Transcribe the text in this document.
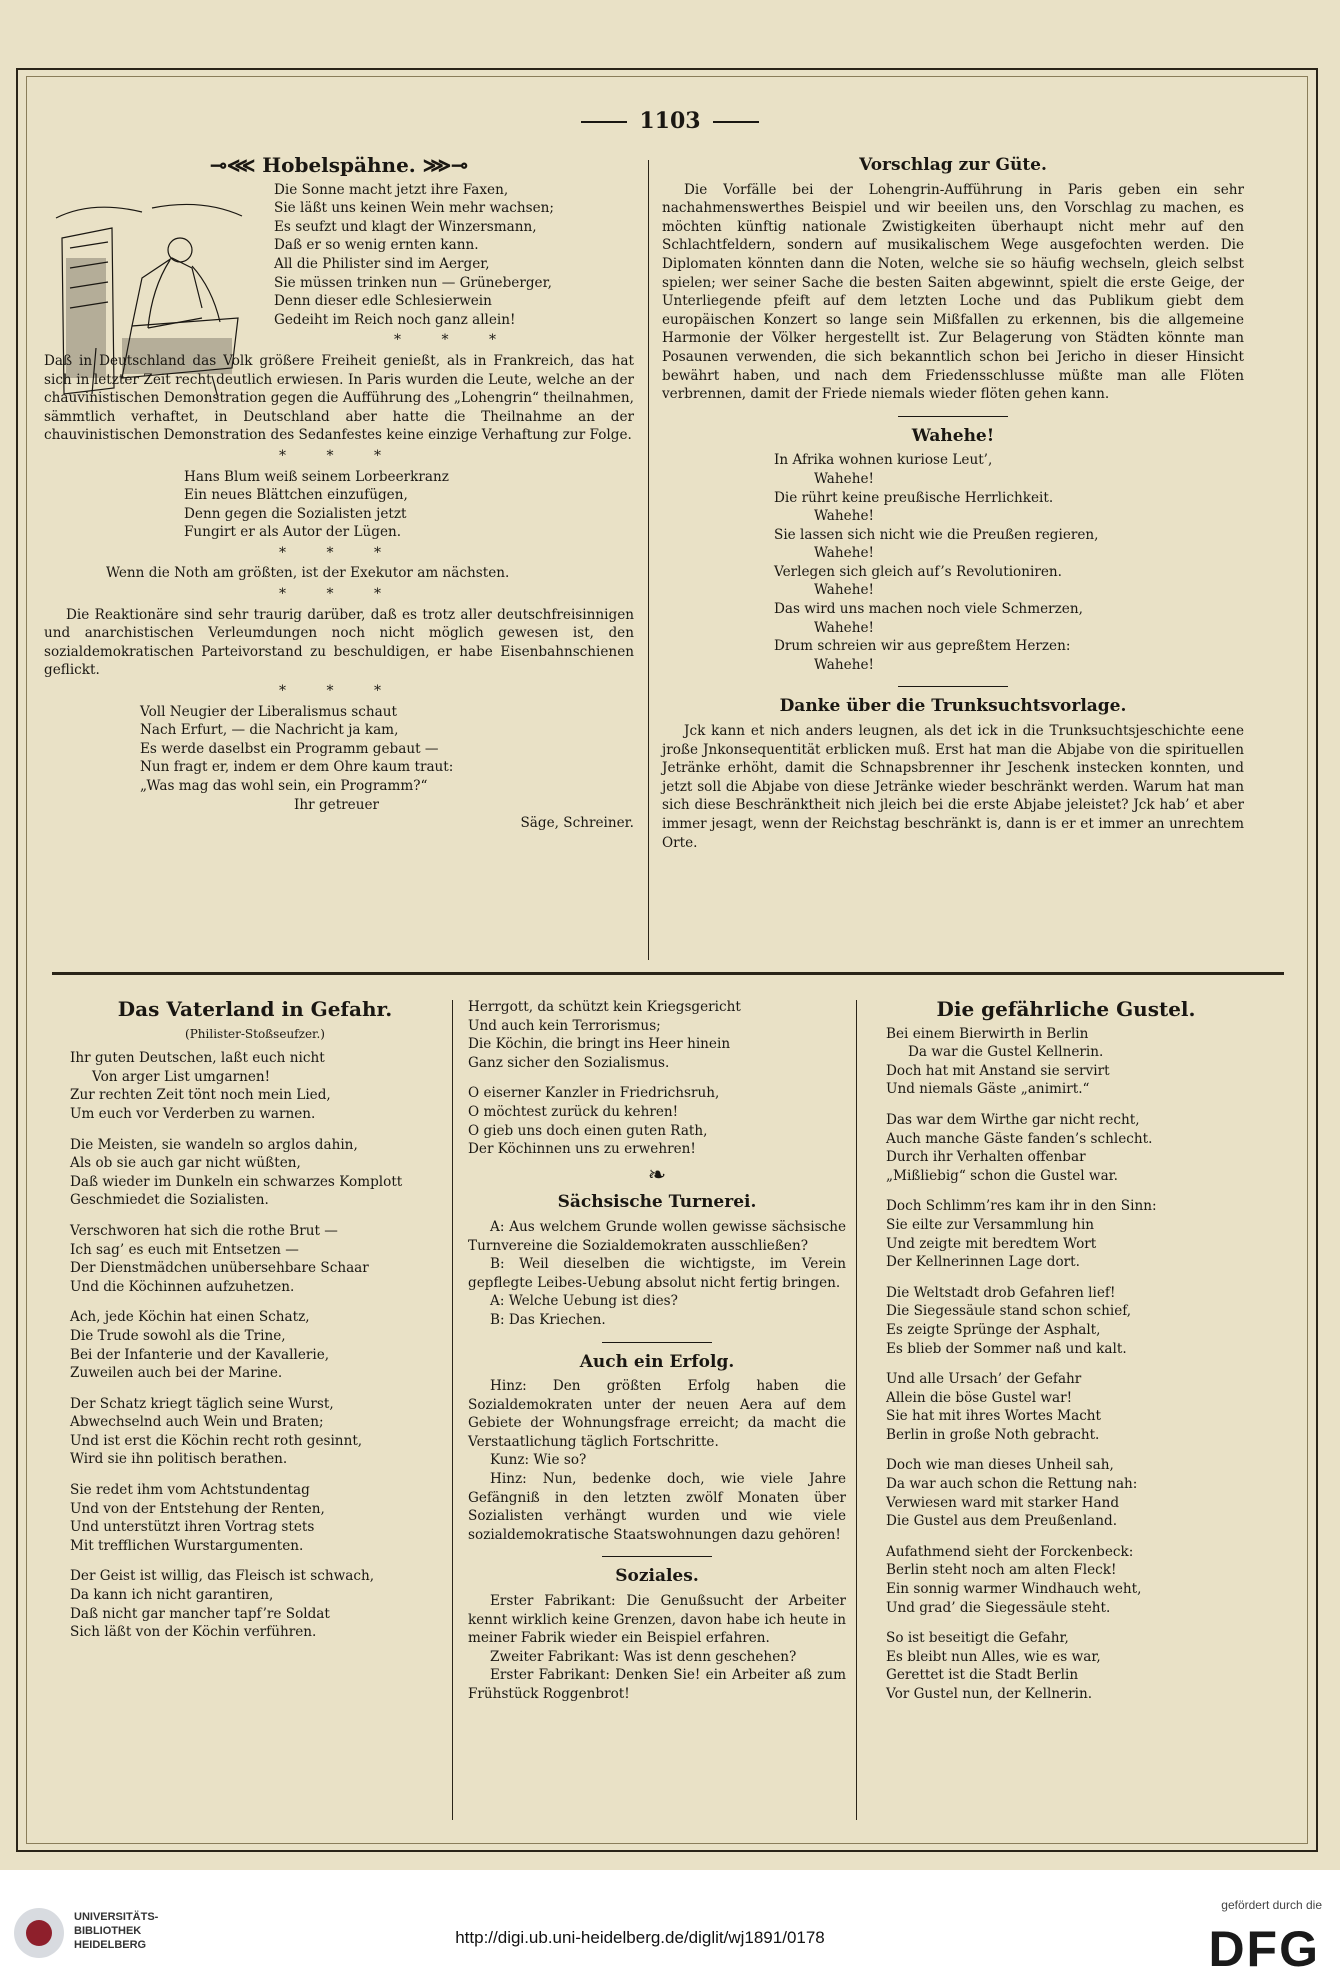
1103
⊸⋘ Hobelspähne. ⋙⊸
Die Sonne macht jetzt ihre Faxen,
Sie läßt uns keinen Wein mehr wachsen;
Es seufzt und klagt der Winzersmann,
Daß er so wenig ernten kann.
All die Philister sind im Aerger,
Sie müssen trinken nun — Grüneberger,
Denn dieser edle Schlesierwein
Gedeiht im Reich noch ganz allein!
* * *

Daß in Deutschland das Volk größere Freiheit genießt, als in Frankreich, das hat sich in letzter Zeit recht deutlich erwiesen. In Paris wurden die Leute, welche an der chauvinistischen Demonstration gegen die Aufführung des „Lohengrin“ theilnahmen, sämmtlich verhaftet, in Deutschland aber hatte die Theilnahme an der chauvinistischen Demonstration des Sedanfestes keine einzige Verhaftung zur Folge.

* * *
Hans Blum weiß seinem Lorbeerkranz
Ein neues Blättchen einzufügen,
Denn gegen die Sozialisten jetzt
Fungirt er als Autor der Lügen.
* * *

Wenn die Noth am größten, ist der Exekutor am nächsten.

* * *

Die Reaktionäre sind sehr traurig darüber, daß es trotz aller deutschfreisinnigen und anarchistischen Verleumdungen noch nicht möglich gewesen ist, den sozialdemokratischen Parteivorstand zu beschuldigen, er habe Eisenbahnschienen geflickt.

* * *
Voll Neugier der Liberalismus schaut
Nach Erfurt, — die Nachricht ja kam,
Es werde daselbst ein Programm gebaut —
Nun fragt er, indem er dem Ohre kaum traut:
„Was mag das wohl sein, ein Programm?“

Ihr getreuer

Säge, Schreiner.

Vorschlag zur Güte.

Die Vorfälle bei der Lohengrin-Aufführung in Paris geben ein sehr nachahmenswerthes Beispiel und wir beeilen uns, den Vorschlag zu machen, es möchten künftig nationale Zwistigkeiten überhaupt nicht mehr auf den Schlachtfeldern, sondern auf musikalischem Wege ausgefochten werden. Die Diplomaten könnten dann die Noten, welche sie so häufig wechseln, gleich selbst spielen; wer seiner Sache die besten Saiten abgewinnt, spielt die erste Geige, der Unterliegende pfeift auf dem letzten Loche und das Publikum giebt dem europäischen Konzert so lange sein Mißfallen zu erkennen, bis die allgemeine Harmonie der Völker hergestellt ist. Zur Belagerung von Städten könnte man Posaunen verwenden, die sich bekanntlich schon bei Jericho in dieser Hinsicht bewährt haben, und nach dem Friedensschlusse müßte man alle Flöten verbrennen, damit der Friede niemals wieder flöten gehen kann.

Wahehe!
In Afrika wohnen kuriose Leut’,
Wahehe!
Die rührt keine preußische Herrlichkeit.
Wahehe!
Sie lassen sich nicht wie die Preußen regieren,
Wahehe!
Verlegen sich gleich auf’s Revolutioniren.
Wahehe!
Das wird uns machen noch viele Schmerzen,
Wahehe!
Drum schreien wir aus gepreßtem Herzen:
Wahehe!
Danke über die Trunksuchtsvorlage.

Jck kann et nich anders leugnen, als det ick in die Trunksuchtsjeschichte eene jroße Jnkonsequentität erblicken muß. Erst hat man die Abjabe von die spirituellen Jetränke erhöht, damit die Schnapsbrenner ihr Jeschenk insteckеn konnten, und jetzt soll die Abjabe von diese Jetränke wieder beschränkt werden. Warum hat man sich diese Beschränktheit nich jleich bei die erste Abjabe jeleistet? Jck hab’ et aber immer jesagt, wenn der Reichstag beschränkt is, dann is er et immer an unrechtem Orte.

Das Vaterland in Gefahr.

(Philister-Stoßseufzer.)

Ihr guten Deutschen, laßt euch nicht
Von arger List umgarnen!
Zur rechten Zeit tönt noch mein Lied,
Um euch vor Verderben zu warnen.
Die Meisten, sie wandeln so arglos dahin,
Als ob sie auch gar nicht wüßten,
Daß wieder im Dunkeln ein schwarzes Komplott
Geschmiedet die Sozialisten.
Verschworen hat sich die rothe Brut —
Ich sag’ es euch mit Entsetzen —
Der Dienstmädchen unübersehbare Schaar
Und die Köchinnen aufzuhetzen.
Ach, jede Köchin hat einen Schatz,
Die Trude sowohl als die Trine,
Bei der Infanterie und der Kavallerie,
Zuweilen auch bei der Marine.
Der Schatz kriegt täglich seine Wurst,
Abwechselnd auch Wein und Braten;
Und ist erst die Köchin recht roth gesinnt,
Wird sie ihn politisch berathen.
Sie redet ihm vom Achtstundentag
Und von der Entstehung der Renten,
Und unterstützt ihren Vortrag stets
Mit trefflichen Wurstargumenten.
Der Geist ist willig, das Fleisch ist schwach,
Da kann ich nicht garantiren,
Daß nicht gar mancher tapf’re Soldat
Sich läßt von der Köchin verführen.
Herrgott, da schützt kein Kriegsgericht
Und auch kein Terrorismus;
Die Köchin, die bringt ins Heer hinein
Ganz sicher den Sozialismus.
O eiserner Kanzler in Friedrichsruh,
O möchtest zurück du kehren!
O gieb uns doch einen guten Rath,
Der Köchinnen uns zu erwehren!
❧
Sächsische Turnerei.

A: Aus welchem Grunde wollen gewisse sächsische Turnvereine die Sozialdemokraten ausschließen?

B: Weil dieselben die wichtigste, im Verein gepflegte Leibes-Uebung absolut nicht fertig bringen.

A: Welche Uebung ist dies?

B: Das Kriechen.

Auch ein Erfolg.

Hinz: Den größten Erfolg haben die Sozialdemokraten unter der neuen Aera auf dem Gebiete der Wohnungsfrage erreicht; da macht die Verstaatlichung täglich Fortschritte.

Kunz: Wie so?

Hinz: Nun, bedenke doch, wie viele Jahre Gefängniß in den letzten zwölf Monaten über Sozialisten verhängt wurden und wie viele sozialdemokratische Staatswohnungen dazu gehören!

Soziales.

Erster Fabrikant: Die Genußsucht der Arbeiter kennt wirklich keine Grenzen, davon habe ich heute in meiner Fabrik wieder ein Beispiel erfahren.

Zweiter Fabrikant: Was ist denn geschehen?

Erster Fabrikant: Denken Sie! ein Arbeiter aß zum Frühstück Roggenbrot!

Die gefährliche Gustel.
Bei einem Bierwirth in Berlin
Da war die Gustel Kellnerin.
Doch hat mit Anstand sie servirt
Und niemals Gäste „animirt.“
Das war dem Wirthe gar nicht recht,
Auch manche Gäste fanden’s schlecht.
Durch ihr Verhalten offenbar
„Mißliebig“ schon die Gustel war.
Doch Schlimm’res kam ihr in den Sinn:
Sie eilte zur Versammlung hin
Und zeigte mit beredtem Wort
Der Kellnerinnen Lage dort.
Die Weltstadt drob Gefahren lief!
Die Siegessäule stand schon schief,
Es zeigte Sprünge der Asphalt,
Es blieb der Sommer naß und kalt.
Und alle Ursach’ der Gefahr
Allein die böse Gustel war!
Sie hat mit ihres Wortes Macht
Berlin in große Noth gebracht.
Doch wie man dieses Unheil sah,
Da war auch schon die Rettung nah:
Verwiesen ward mit starker Hand
Die Gustel aus dem Preußenland.
Aufathmend sieht der Forckenbeck:
Berlin steht noch am alten Fleck!
Ein sonnig warmer Windhauch weht,
Und grad’ die Siegessäule steht.
So ist beseitigt die Gefahr,
Es bleibt nun Alles, wie es war,
Gerettet ist die Stadt Berlin
Vor Gustel nun, der Kellnerin.
UNIVERSITÄTS-
BIBLIOTHEK
HEIDELBERG	http://digi.ub.uni-heidelberg.de/diglit/wj1891/0178
gefördert durch die
DFG
